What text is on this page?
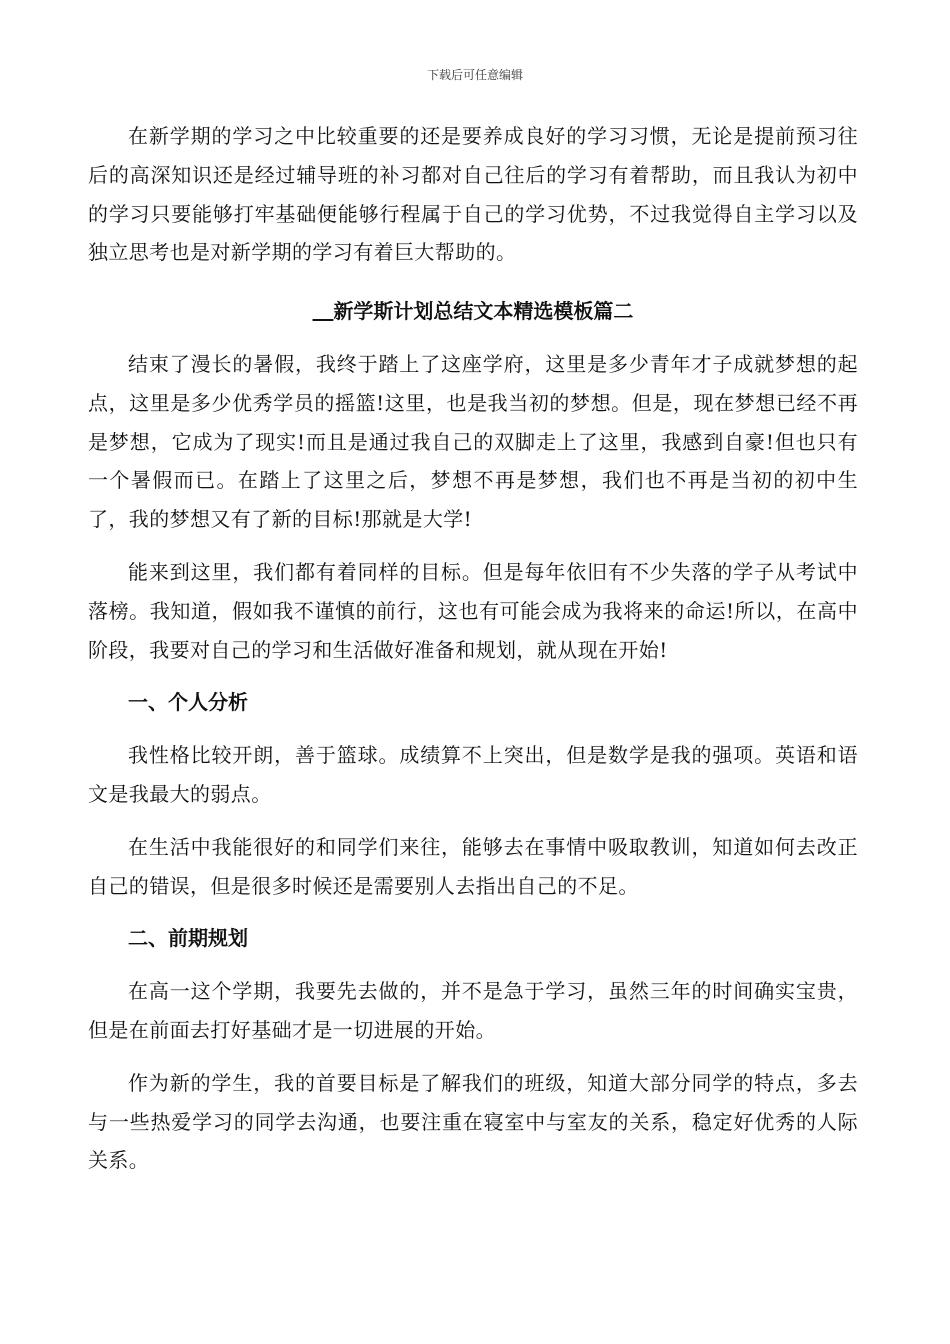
下载后可任意编辑

在新学期的学习之中比较重要的还是要养成良好的学习习惯，无论是提前预习往后的高深知识还是经过辅导班的补习都对自己往后的学习有着帮助，而且我认为初中的学习只要能够打牢基础便能够行程属于自己的学习优势，不过我觉得自主学习以及独立思考也是对新学期的学习有着巨大帮助的。

新学斯计划总结文本精选模板篇二

结束了漫长的暑假，我终于踏上了这座学府，这里是多少青年才子成就梦想的起点，这里是多少优秀学员的摇篮!这里，也是我当初的梦想。但是，现在梦想已经不再是梦想，它成为了现实!而且是通过我自己的双脚走上了这里，我感到自豪!但也只有一个暑假而已。在踏上了这里之后，梦想不再是梦想，我们也不再是当初的初中生了，我的梦想又有了新的目标!那就是大学!

能来到这里，我们都有着同样的目标。但是每年依旧有不少失落的学子从考试中落榜。我知道，假如我不谨慎的前行，这也有可能会成为我将来的命运!所以，在高中阶段，我要对自己的学习和生活做好准备和规划，就从现在开始!

一、个人分析

我性格比较开朗，善于篮球。成绩算不上突出，但是数学是我的强项。英语和语文是我最大的弱点。

在生活中我能很好的和同学们来往，能够去在事情中吸取教训，知道如何去改正自己的错误，但是很多时候还是需要别人去指出自己的不足。

二、前期规划

在高一这个学期，我要先去做的，并不是急于学习，虽然三年的时间确实宝贵，但是在前面去打好基础才是一切进展的开始。

作为新的学生，我的首要目标是了解我们的班级，知道大部分同学的特点，多去与一些热爱学习的同学去沟通，也要注重在寝室中与室友的关系，稳定好优秀的人际关系。
